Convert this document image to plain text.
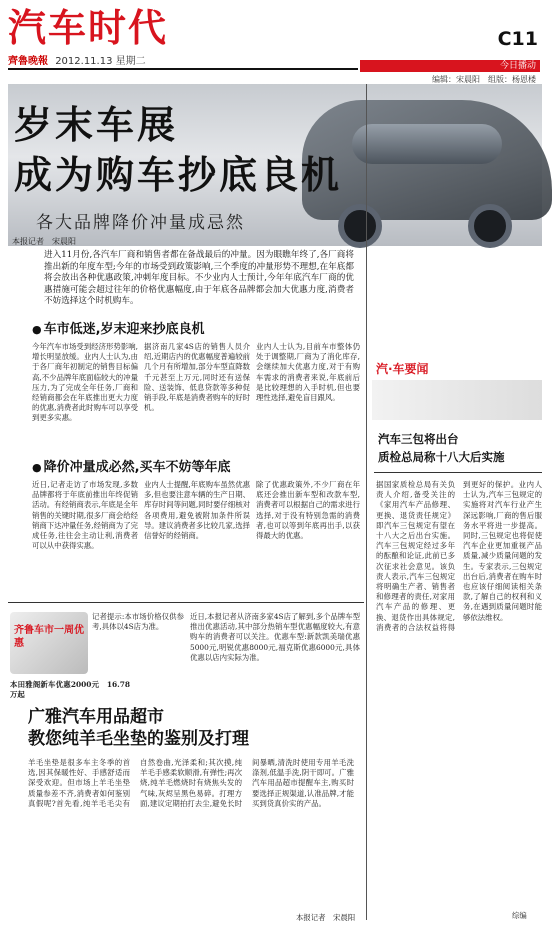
汽车时代	C11
齊魯晚報 2012.11.13 星期二	今日播动
编辑：宋晨阳　组版：杨恩楼
岁末车展
成为购车抄底良机
各大品牌降价冲量成忌然
本报记者　宋晨阳
进入11月份,各汽车厂商和销售者都在备战最后的冲量。因为眼瞧年终了,各厂商将推出新的年度车型;今年的市场受到政策影响,三个季度的冲量形势不理想,在年底都将会放出各种优惠政策,冲刺年度目标。不少业内人士预计,今年年底汽车厂商的优惠措施可能会超过往年的价格优惠幅度,由于年底各品牌都会加大优惠力度,消费者不妨选择这个时机购车。
● 车市低迷,岁末迎来抄底良机
今年汽车市场受到经济形势影响,增长明显放缓。业内人士认为,由于各厂商年初制定的销售目标偏高,不少品牌年底面临较大的冲量压力,为了完成全年任务,厂商和经销商都会在年底推出更大力度的优惠,消费者此时购车可以享受到更多实惠。
据济南几家4S店的销售人员介绍,近期店内的优惠幅度普遍较前几个月有所增加,部分车型直降数千元甚至上万元,同时还有送保险、送装饰、低息贷款等多种促销手段,年底是消费者购车的好时机。
业内人士认为,目前车市整体仍处于调整期,厂商为了消化库存,会继续加大优惠力度,对于有购车需求的消费者来说,年底前后是比较理想的入手时机,但也要理性选择,避免盲目跟风。
● 降价冲量成必然,买车不妨等年底
近日,记者走访了市场发现,多数品牌都将于年底前推出年终促销活动。有经销商表示,年底是全年销售的关键时期,很多厂商会给经销商下达冲量任务,经销商为了完成任务,往往会主动让利,消费者可以从中获得实惠。
业内人士提醒,年底购车虽然优惠多,但也要注意车辆的生产日期、库存时间等问题,同时要仔细核对各项费用,避免被附加条件所误导。建议消费者多比较几家,选择信誉好的经销商。
除了优惠政策外,不少厂商在年底还会推出新车型和改款车型,消费者可以根据自己的需求进行选择,对于没有特别急需的消费者,也可以等到年底再出手,以获得最大的优惠。
齐鲁车市一周优惠
本田雅阁新车优惠2000元　16.78万起
记者提示:本市场价格仅供参考,具体以4S店为准。
近日,本报记者从济南多家4S店了解到,多个品牌车型推出优惠活动,其中部分热销车型优惠幅度较大,有意购车的消费者可以关注。优惠车型:新款凯美瑞优惠5000元,明锐优惠8000元,福克斯优惠6000元,具体优惠以店内实际为准。
广雅汽车用品超市
教您纯羊毛坐垫的鉴别及打理
羊毛坐垫是很多车主冬季的首选,因其保暖性好、手感舒适而深受欢迎。但市场上羊毛坐垫质量参差不齐,消费者如何鉴别真假呢?首先看,纯羊毛毛尖有自然卷曲,光泽柔和;其次摸,纯羊毛手感柔软顺滑,有弹性;再次烧,纯羊毛燃烧时有烧焦头发的气味,灰烬呈黑色易碎。打理方面,建议定期拍打去尘,避免长时间暴晒,清洗时使用专用羊毛洗涤剂,低温手洗,阴干即可。广雅汽车用品超市提醒车主,购买时要选择正规渠道,认准品牌,才能买到货真价实的产品。
本报记者　宋晨阳
汽·车要闻
汽车三包将出台
质检总局称十八大后实施
据国家质检总局有关负责人介绍,备受关注的《家用汽车产品修理、更换、退货责任规定》即汽车三包规定有望在十八大之后出台实施。汽车三包规定经过多年的酝酿和论证,此前已多次征求社会意见。该负责人表示,汽车三包规定将明确生产者、销售者和修理者的责任,对家用汽车产品的修理、更换、退货作出具体规定,消费者的合法权益将得到更好的保护。业内人士认为,汽车三包规定的实施将对汽车行业产生深远影响,厂商的售后服务水平将进一步提高。同时,三包规定也将促使汽车企业更加重视产品质量,减少质量问题的发生。专家表示,三包规定出台后,消费者在购车时也应该仔细阅读相关条款,了解自己的权利和义务,在遇到质量问题时能够依法维权。
综编
